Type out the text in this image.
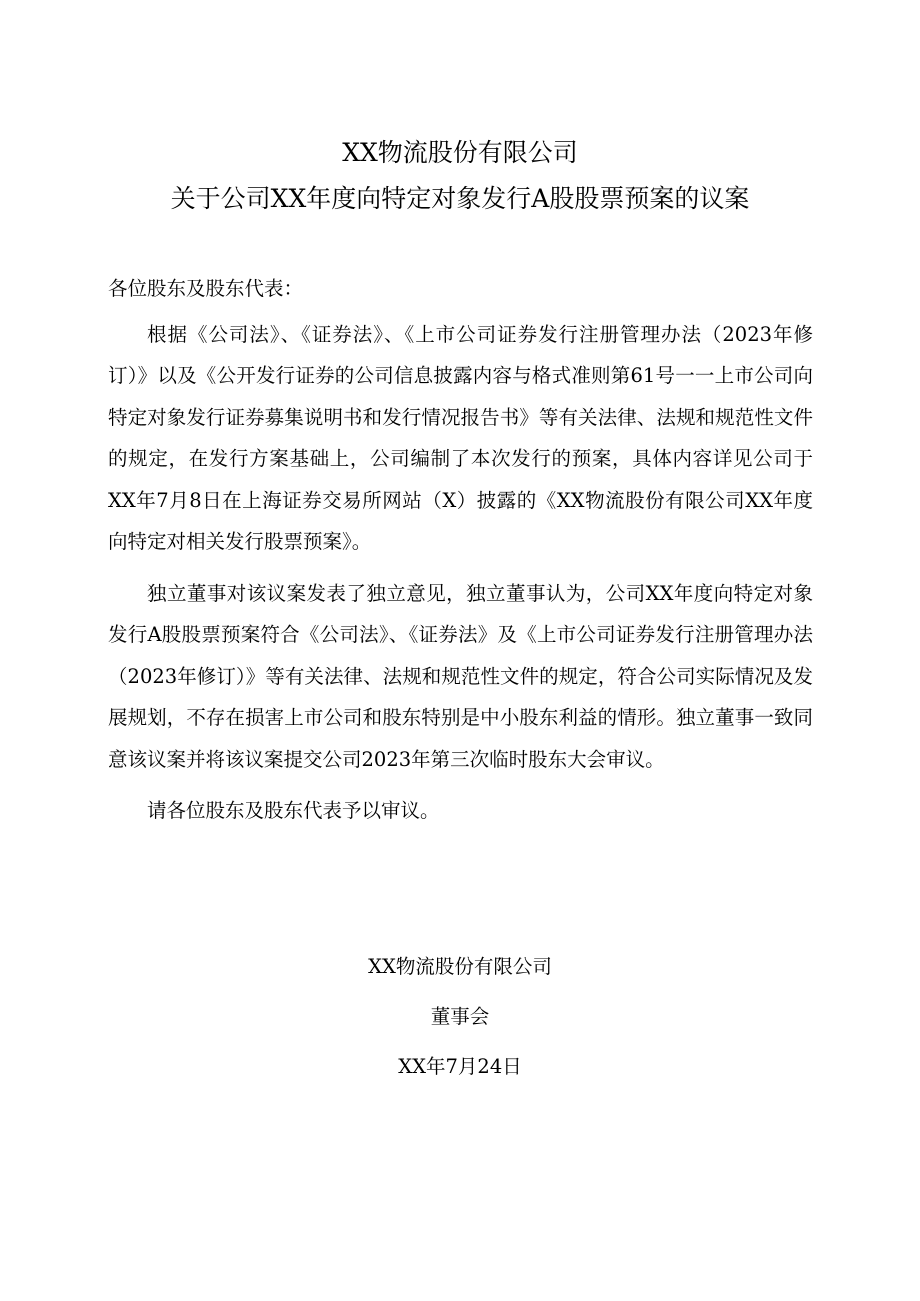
XX物流股份有限公司
关于公司XX年度向特定对象发行A股股票预案的议案

各位股东及股东代表：

根据《公司法》、《证券法》、《上市公司证券发行注册管理办法（2023年修订）》以及《公开发行证券的公司信息披露内容与格式准则第61号一一上市公司向特定对象发行证券募集说明书和发行情况报告书》等有关法律、法规和规范性文件的规定，在发行方案基础上，公司编制了本次发行的预案，具体内容详见公司于XX年7月8日在上海证券交易所网站（X）披露的《XX物流股份有限公司XX年度向特定对相关发行股票预案》。

独立董事对该议案发表了独立意见，独立董事认为，公司XX年度向特定对象发行A股股票预案符合《公司法》、《证券法》及《上市公司证券发行注册管理办法（2023年修订）》等有关法律、法规和规范性文件的规定，符合公司实际情况及发展规划，不存在损害上市公司和股东特别是中小股东利益的情形。独立董事一致同意该议案并将该议案提交公司2023年第三次临时股东大会审议。

请各位股东及股东代表予以审议。

XX物流股份有限公司
董事会
XX年7月24日
